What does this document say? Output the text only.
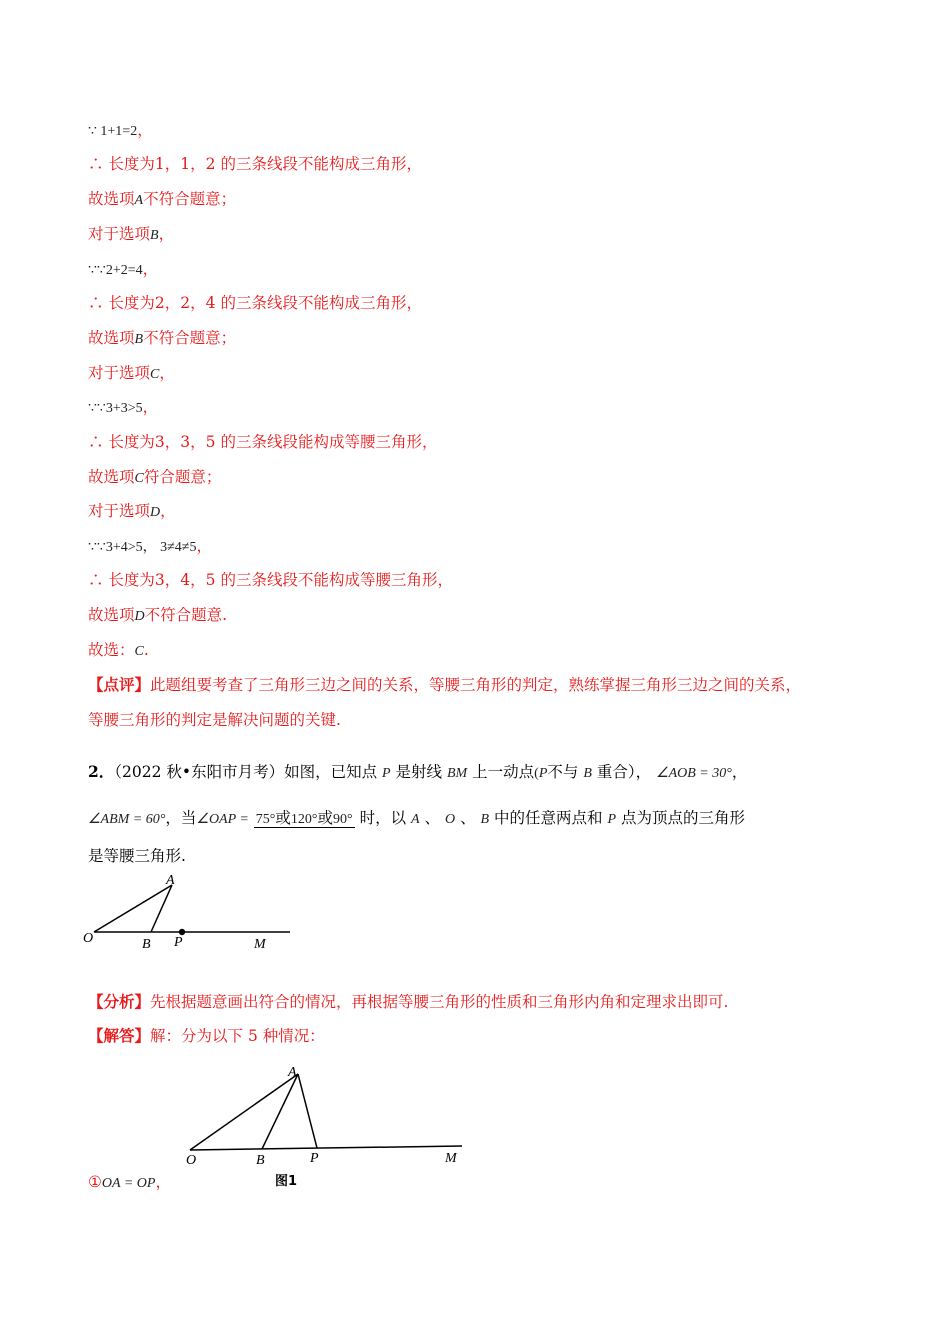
∵ 1+1=2，
∴ 长度为1，1，2 的三条线段不能构成三角形，
故选项A不符合题意；
对于选项B，
∵∵2+2=4，
∴ 长度为2，2，4 的三条线段不能构成三角形，
故选项B不符合题意；
对于选项C，
∵∵3+3>5，
∴ 长度为3，3，5 的三条线段能构成等腰三角形，
故选项C符合题意；
对于选项D，
∵∵3+4>5， 3≠4≠5，
∴ 长度为3，4，5 的三条线段不能构成等腰三角形，
故选项D不符合题意.
故选：C.
【点评】此题组要考查了三角形三边之间的关系，等腰三角形的判定，熟练掌握三角形三边之间的关系，
等腰三角形的判定是解决问题的关键.
2．（2022 秋•东阳市月考）如图，已知点 P 是射线 BM 上一动点(P不与 B 重合）， ∠AOB = 30°，
∠ABM = 60°，当∠OAP = 75°或120°或90° 时，以 A 、 O 、 B 中的任意两点和 P 点为顶点的三角形
是等腰三角形.
A
O	B P	M
【分析】先根据题意画出符合的情况，再根据等腰三角形的性质和三角形内角和定理求出即可.
【解答】解：分为以下 5 种情况：
A
O	B	P	M
图1
①OA = OP，
